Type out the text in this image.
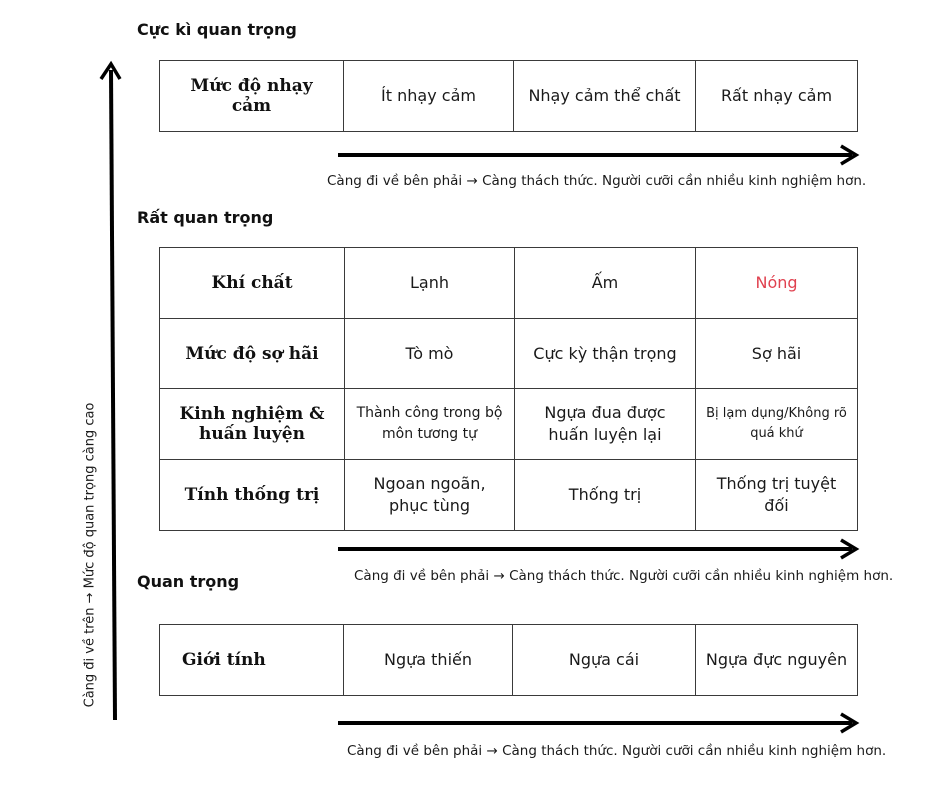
Càng đi về trên → Mức độ quan trọng càng cao
Cực kì quan trọng
Mức độ nhạy cảm	Ít nhạy cảm	Nhạy cảm thể chất	Rất nhạy cảm

Càng đi về bên phải → Càng thách thức. Người cưỡi cần nhiều kinh nghiệm hơn.

Rất quan trọng
Khí chất	Lạnh	Ấm	Nóng
Mức độ sợ hãi	Tò mò	Cực kỳ thận trọng	Sợ hãi
Kinh nghiệm & huấn luyện	Thành công trong bộ môn tương tự	Ngựa đua được huấn luyện lại	Bị lạm dụng/Không rõ quá khứ
Tính thống trị	Ngoan ngoãn, phục tùng	Thống trị	Thống trị tuyệt đối

Càng đi về bên phải → Càng thách thức. Người cưỡi cần nhiều kinh nghiệm hơn.

Quan trọng
Giới tính	Ngựa thiến	Ngựa cái	Ngựa đực nguyên

Càng đi về bên phải → Càng thách thức. Người cưỡi cần nhiều kinh nghiệm hơn.
